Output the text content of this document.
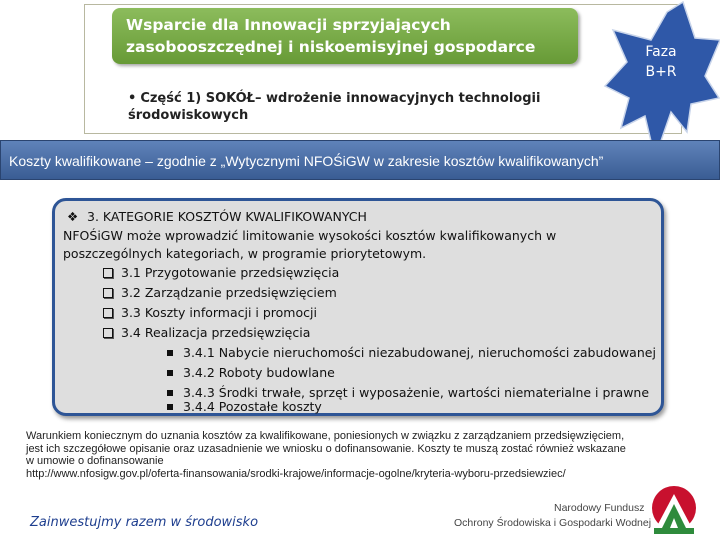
Wsparcie dla Innowacji sprzyjających
zasobooszczędnej i niskoemisyjnej gospodarce	Faza
B+R
• Część 1) SOKÓŁ– wdrożenie innowacyjnych technologii
środowiskowych
Koszty kwalifikowane – zgodnie z „Wytycznymi NFOŚiGW w zakresie kosztów kwalifikowanych”
❖ 3. KATEGORIE KOSZTÓW KWALIFIKOWANYCH
NFOŚiGW może wprowadzić limitowanie wysokości kosztów kwalifikowanych w
poszczególnych kategoriach, w programie priorytetowym.
3.1 Przygotowanie przedsięwzięcia
3.2 Zarządzanie przedsięwzięciem
3.3 Koszty informacji i promocji
3.4 Realizacja przedsięwzięcia
3.4.1 Nabycie nieruchomości niezabudowanej, nieruchomości zabudowanej
3.4.2 Roboty budowlane
3.4.3 Środki trwałe, sprzęt i wyposażenie, wartości niematerialne i prawne
3.4.4 Pozostałe koszty
Warunkiem koniecznym do uznania kosztów za kwalifikowane, poniesionych w związku z zarządzaniem przedsięwzięciem,
jest ich szczegółowe opisanie oraz uzasadnienie we wniosku o dofinansowanie. Koszty te muszą zostać również wskazane
w umowie o dofinansowanie
http://www.nfosigw.gov.pl/oferta-finansowania/srodki-krajowe/informacje-ogolne/kryteria-wyboru-przedsiewziec/
Zainwestujmy razem w środowisko
Narodowy Fundusz
Ochrony Środowiska i Gospodarki Wodnej
